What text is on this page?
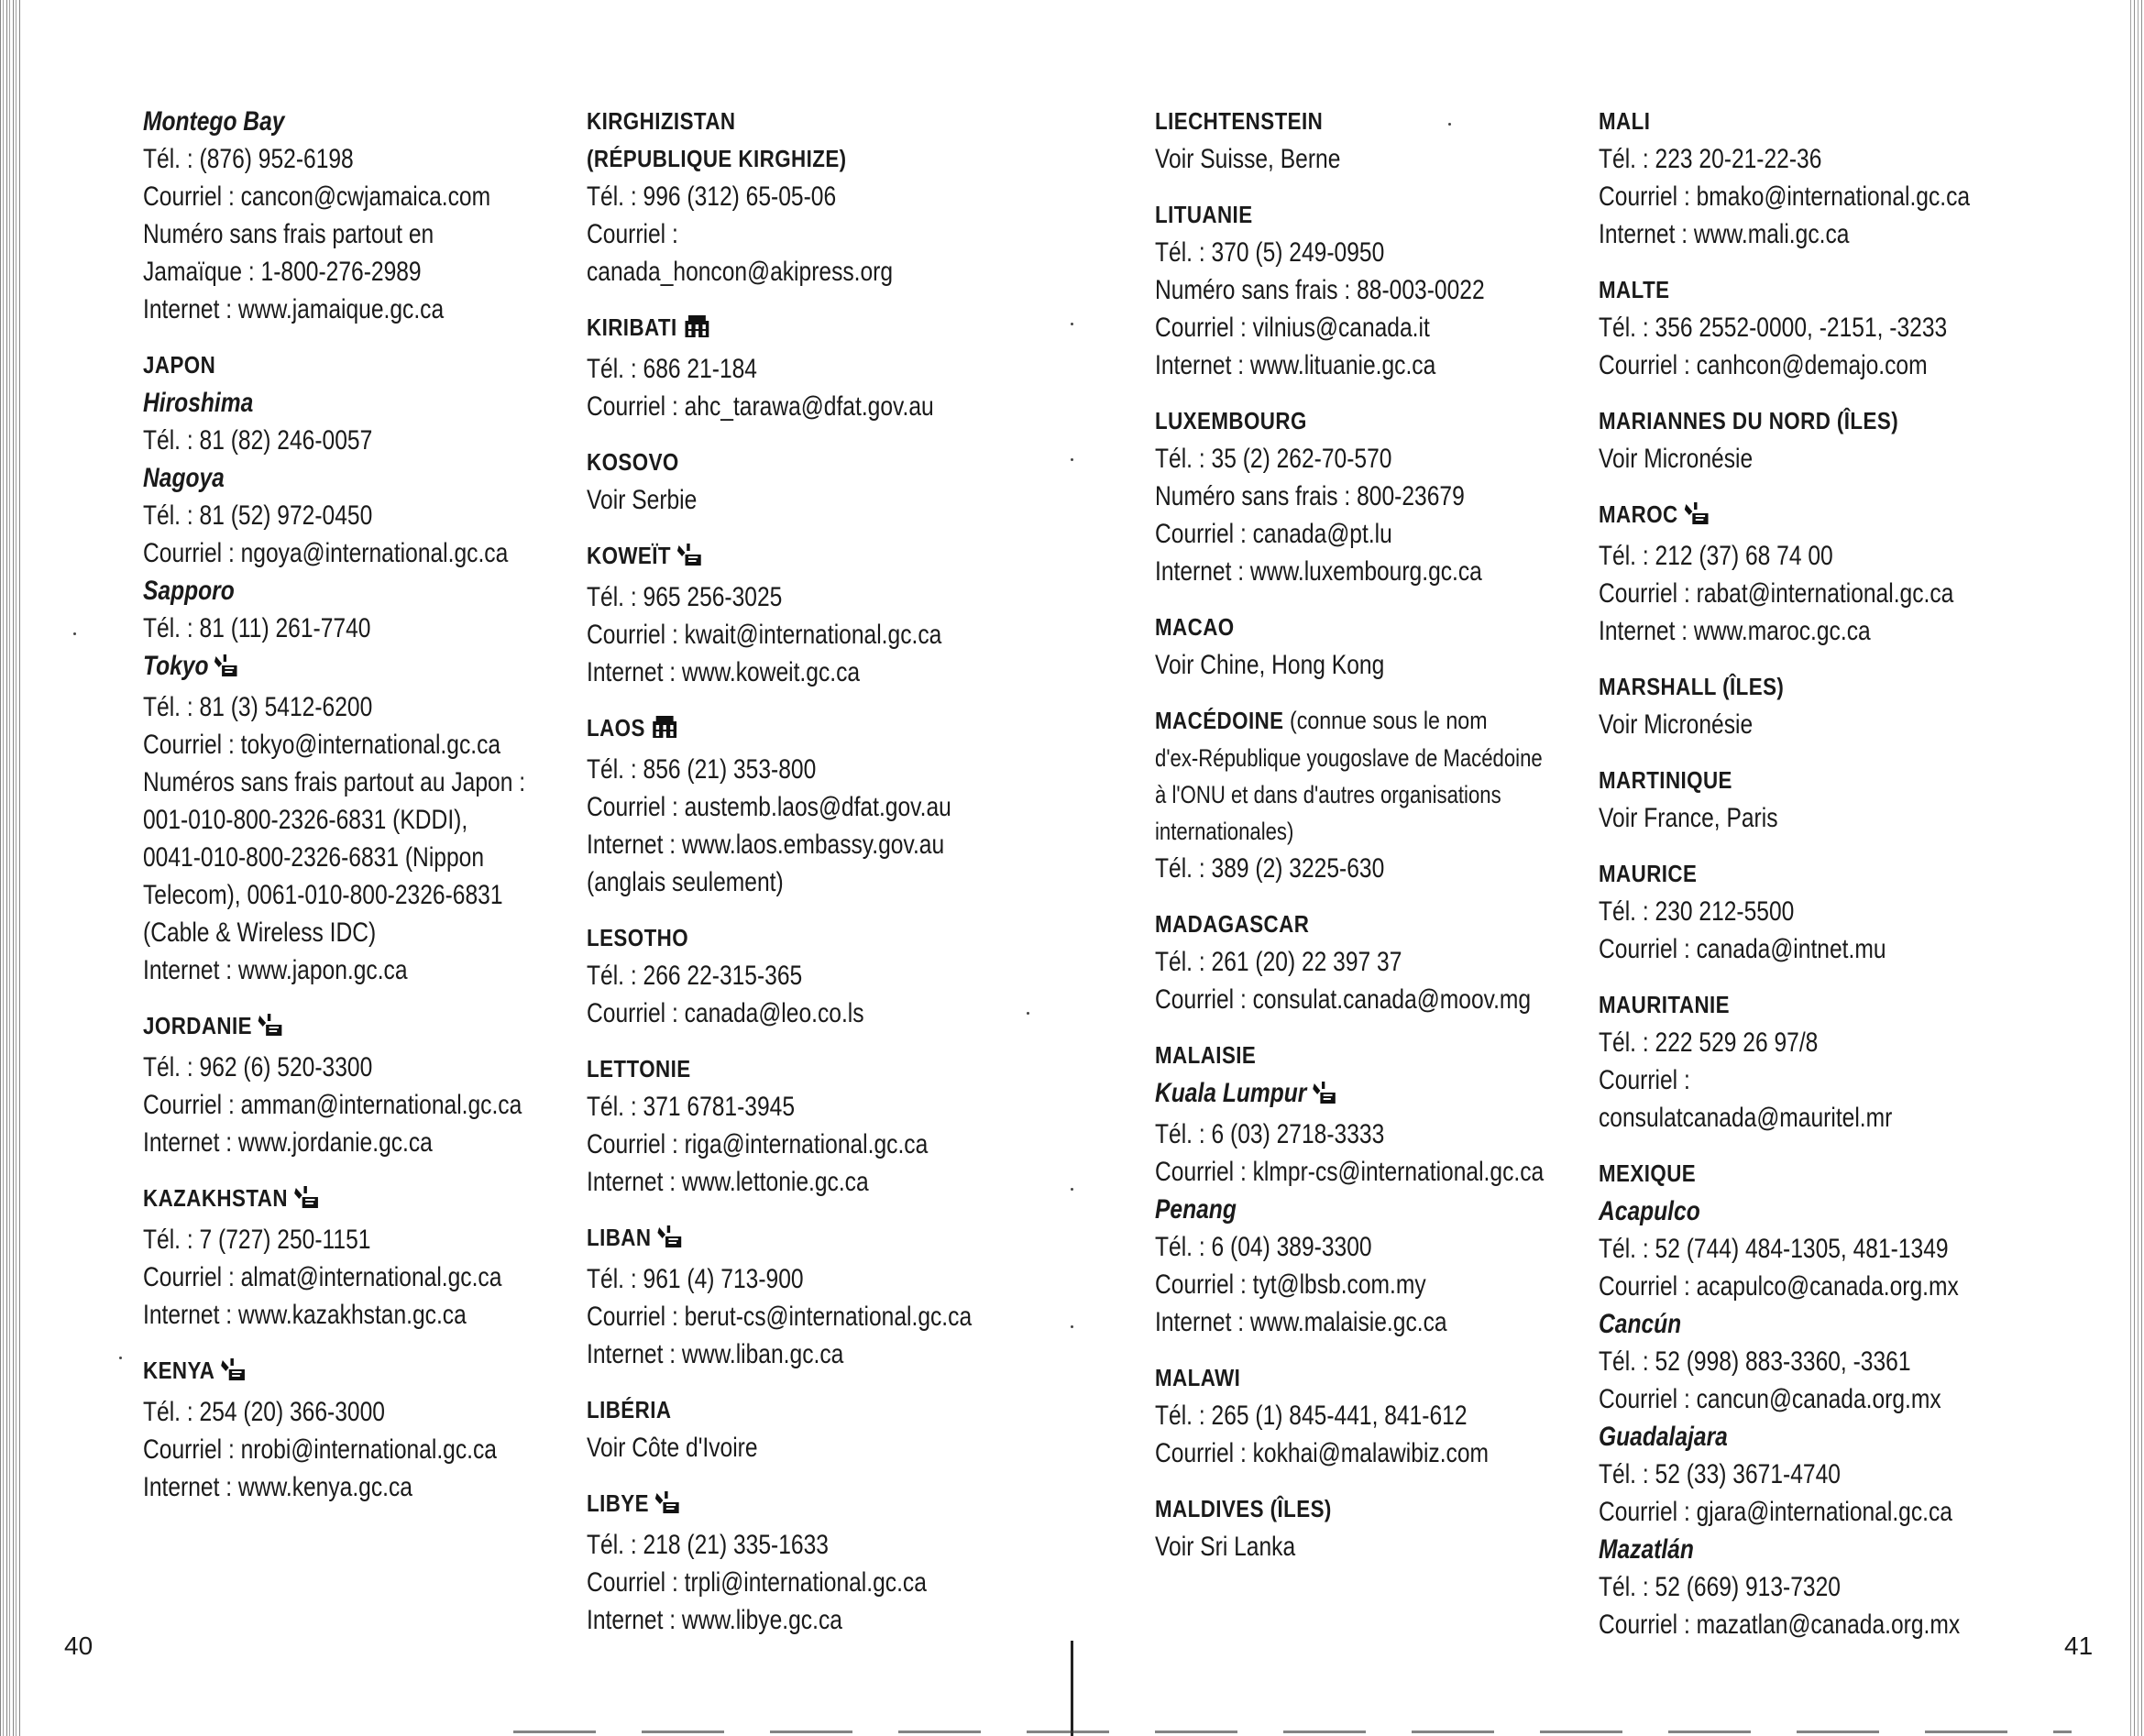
Montego Bay
Tél. : (876) 952-6198
Courriel : cancon@cwjamaica.com
Numéro sans frais partout en
Jamaïque : 1-800-276-2989
Internet : www.jamaique.gc.ca
JAPON
Hiroshima
Tél. : 81 (82) 246-0057
Nagoya
Tél. : 81 (52) 972-0450
Courriel : ngoya@international.gc.ca
Sapporo
Tél. : 81 (11) 261-7740
Tokyo
Tél. : 81 (3) 5412-6200
Courriel : tokyo@international.gc.ca
Numéros sans frais partout au Japon :
001-010-800-2326-6831 (KDDI),
0041-010-800-2326-6831 (Nippon
Telecom), 0061-010-800-2326-6831
(Cable & Wireless IDC)
Internet : www.japon.gc.ca
JORDANIE
Tél. : 962 (6) 520-3300
Courriel : amman@international.gc.ca
Internet : www.jordanie.gc.ca
KAZAKHSTAN
Tél. : 7 (727) 250-1151
Courriel : almat@international.gc.ca
Internet : www.kazakhstan.gc.ca
KENYA
Tél. : 254 (20) 366-3000
Courriel : nrobi@international.gc.ca
Internet : www.kenya.gc.ca
KIRGHIZISTAN
(RÉPUBLIQUE KIRGHIZE)
Tél. : 996 (312) 65-05-06
Courriel :
canada_honcon@akipress.org
KIRIBATI
Tél. : 686 21-184
Courriel : ahc_tarawa@dfat.gov.au
KOSOVO
Voir Serbie
KOWEÏT
Tél. : 965 256-3025
Courriel : kwait@international.gc.ca
Internet : www.koweit.gc.ca
LAOS
Tél. : 856 (21) 353-800
Courriel : austemb.laos@dfat.gov.au
Internet : www.laos.embassy.gov.au
(anglais seulement)
LESOTHO
Tél. : 266 22-315-365
Courriel : canada@leo.co.ls
LETTONIE
Tél. : 371 6781-3945
Courriel : riga@international.gc.ca
Internet : www.lettonie.gc.ca
LIBAN
Tél. : 961 (4) 713-900
Courriel : berut-cs@international.gc.ca
Internet : www.liban.gc.ca
LIBÉRIA
Voir Côte d'Ivoire
LIBYE
Tél. : 218 (21) 335-1633
Courriel : trpli@international.gc.ca
Internet : www.libye.gc.ca
LIECHTENSTEIN
Voir Suisse, Berne
LITUANIE
Tél. : 370 (5) 249-0950
Numéro sans frais : 88-003-0022
Courriel : vilnius@canada.it
Internet : www.lituanie.gc.ca
LUXEMBOURG
Tél. : 35 (2) 262-70-570
Numéro sans frais : 800-23679
Courriel : canada@pt.lu
Internet : www.luxembourg.gc.ca
MACAO
Voir Chine, Hong Kong
MACÉDOINE (connue sous le nom
d'ex-République yougoslave de Macédoine
à l'ONU et dans d'autres organisations
internationales)
Tél. : 389 (2) 3225-630
MADAGASCAR
Tél. : 261 (20) 22 397 37
Courriel : consulat.canada@moov.mg
MALAISIE
Kuala Lumpur
Tél. : 6 (03) 2718-3333
Courriel : klmpr-cs@international.gc.ca
Penang
Tél. : 6 (04) 389-3300
Courriel : tyt@lbsb.com.my
Internet : www.malaisie.gc.ca
MALAWI
Tél. : 265 (1) 845-441, 841-612
Courriel : kokhai@malawibiz.com
MALDIVES (ÎLES)
Voir Sri Lanka
MALI
Tél. : 223 20-21-22-36
Courriel : bmako@international.gc.ca
Internet : www.mali.gc.ca
MALTE
Tél. : 356 2552-0000, -2151, -3233
Courriel : canhcon@demajo.com
MARIANNES DU NORD (ÎLES)
Voir Micronésie
MAROC
Tél. : 212 (37) 68 74 00
Courriel : rabat@international.gc.ca
Internet : www.maroc.gc.ca
MARSHALL (ÎLES)
Voir Micronésie
MARTINIQUE
Voir France, Paris
MAURICE
Tél. : 230 212-5500
Courriel : canada@intnet.mu
MAURITANIE
Tél. : 222 529 26 97/8
Courriel :
consulatcanada@mauritel.mr
MEXIQUE
Acapulco
Tél. : 52 (744) 484-1305, 481-1349
Courriel : acapulco@canada.org.mx
Cancún
Tél. : 52 (998) 883-3360, -3361
Courriel : cancun@canada.org.mx
Guadalajara
Tél. : 52 (33) 3671-4740
Courriel : gjara@international.gc.ca
Mazatlán
Tél. : 52 (669) 913-7320
Courriel : mazatlan@canada.org.mx
40	41
